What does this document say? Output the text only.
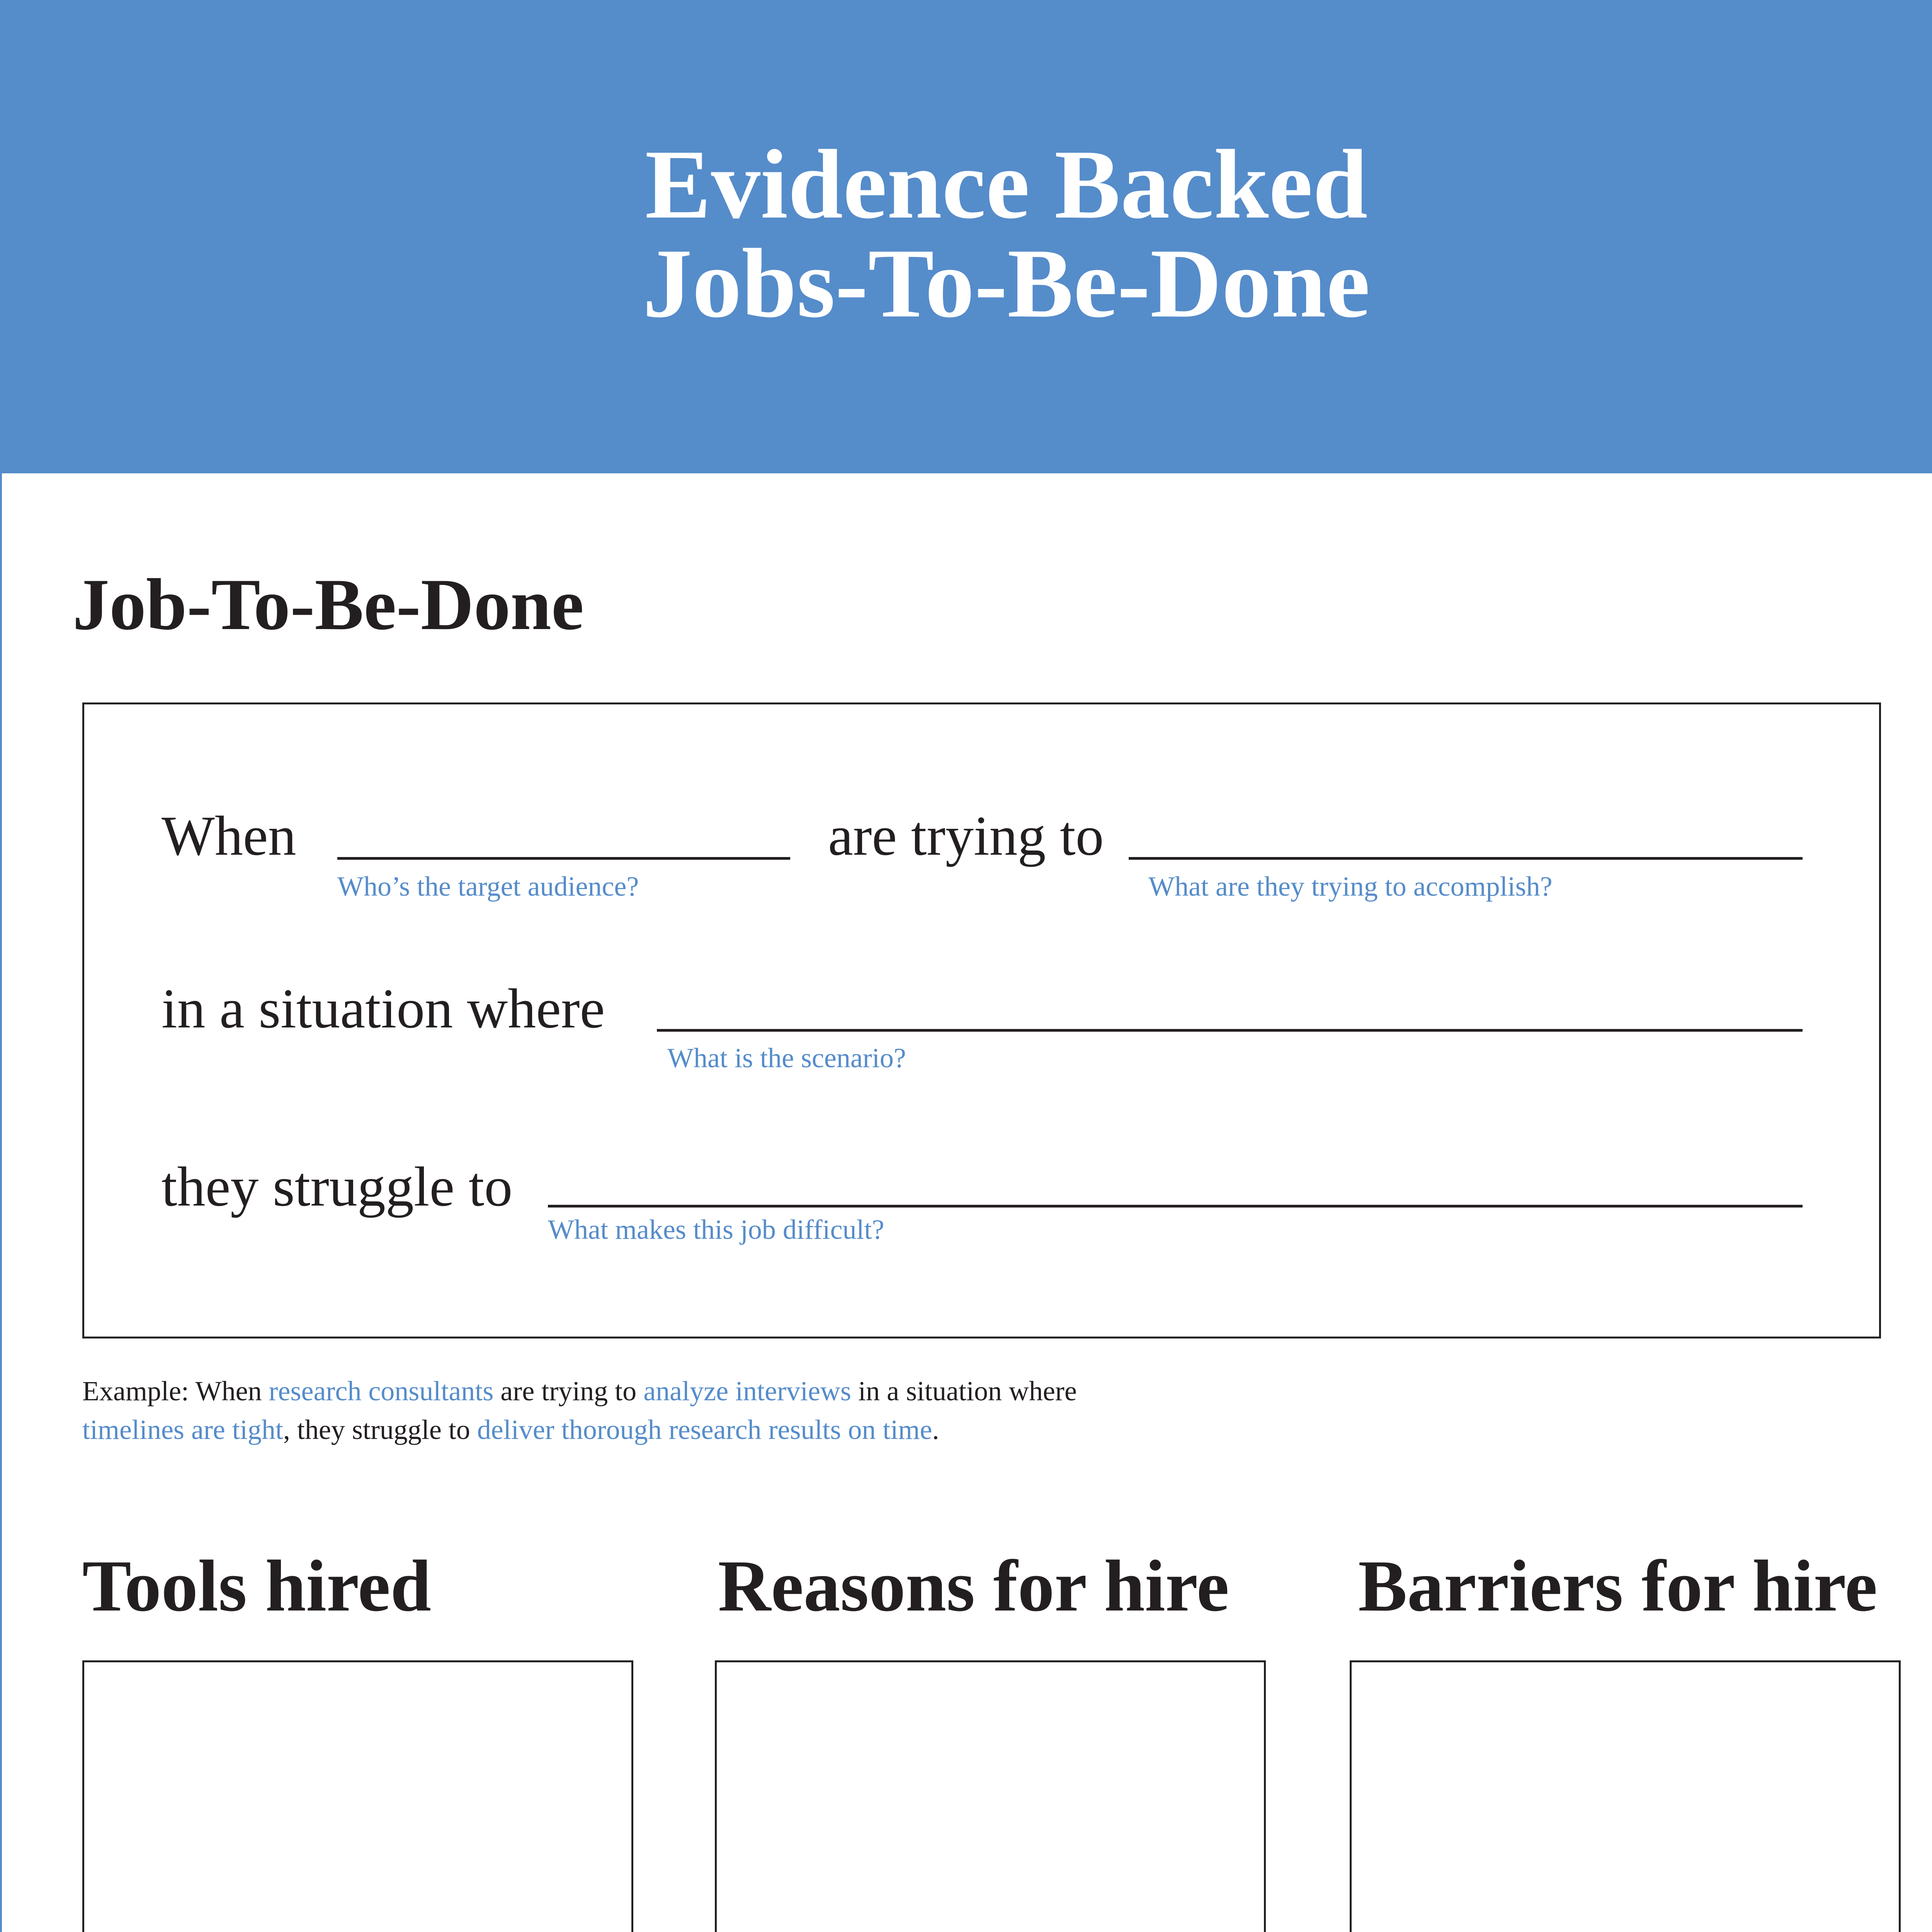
Evidence Backed
Jobs-To-Be-Done
Job-To-Be-Done
When
Who’s the target audience?
are trying to
What are they trying to accomplish?
in a situation where
What is the scenario?
they struggle to
What makes this job difficult?
Example: When research consultants are trying to analyze interviews in a situation where
timelines are tight, they struggle to deliver thorough research results on time.
Tools hired	Reasons for hire Barriers for hire
